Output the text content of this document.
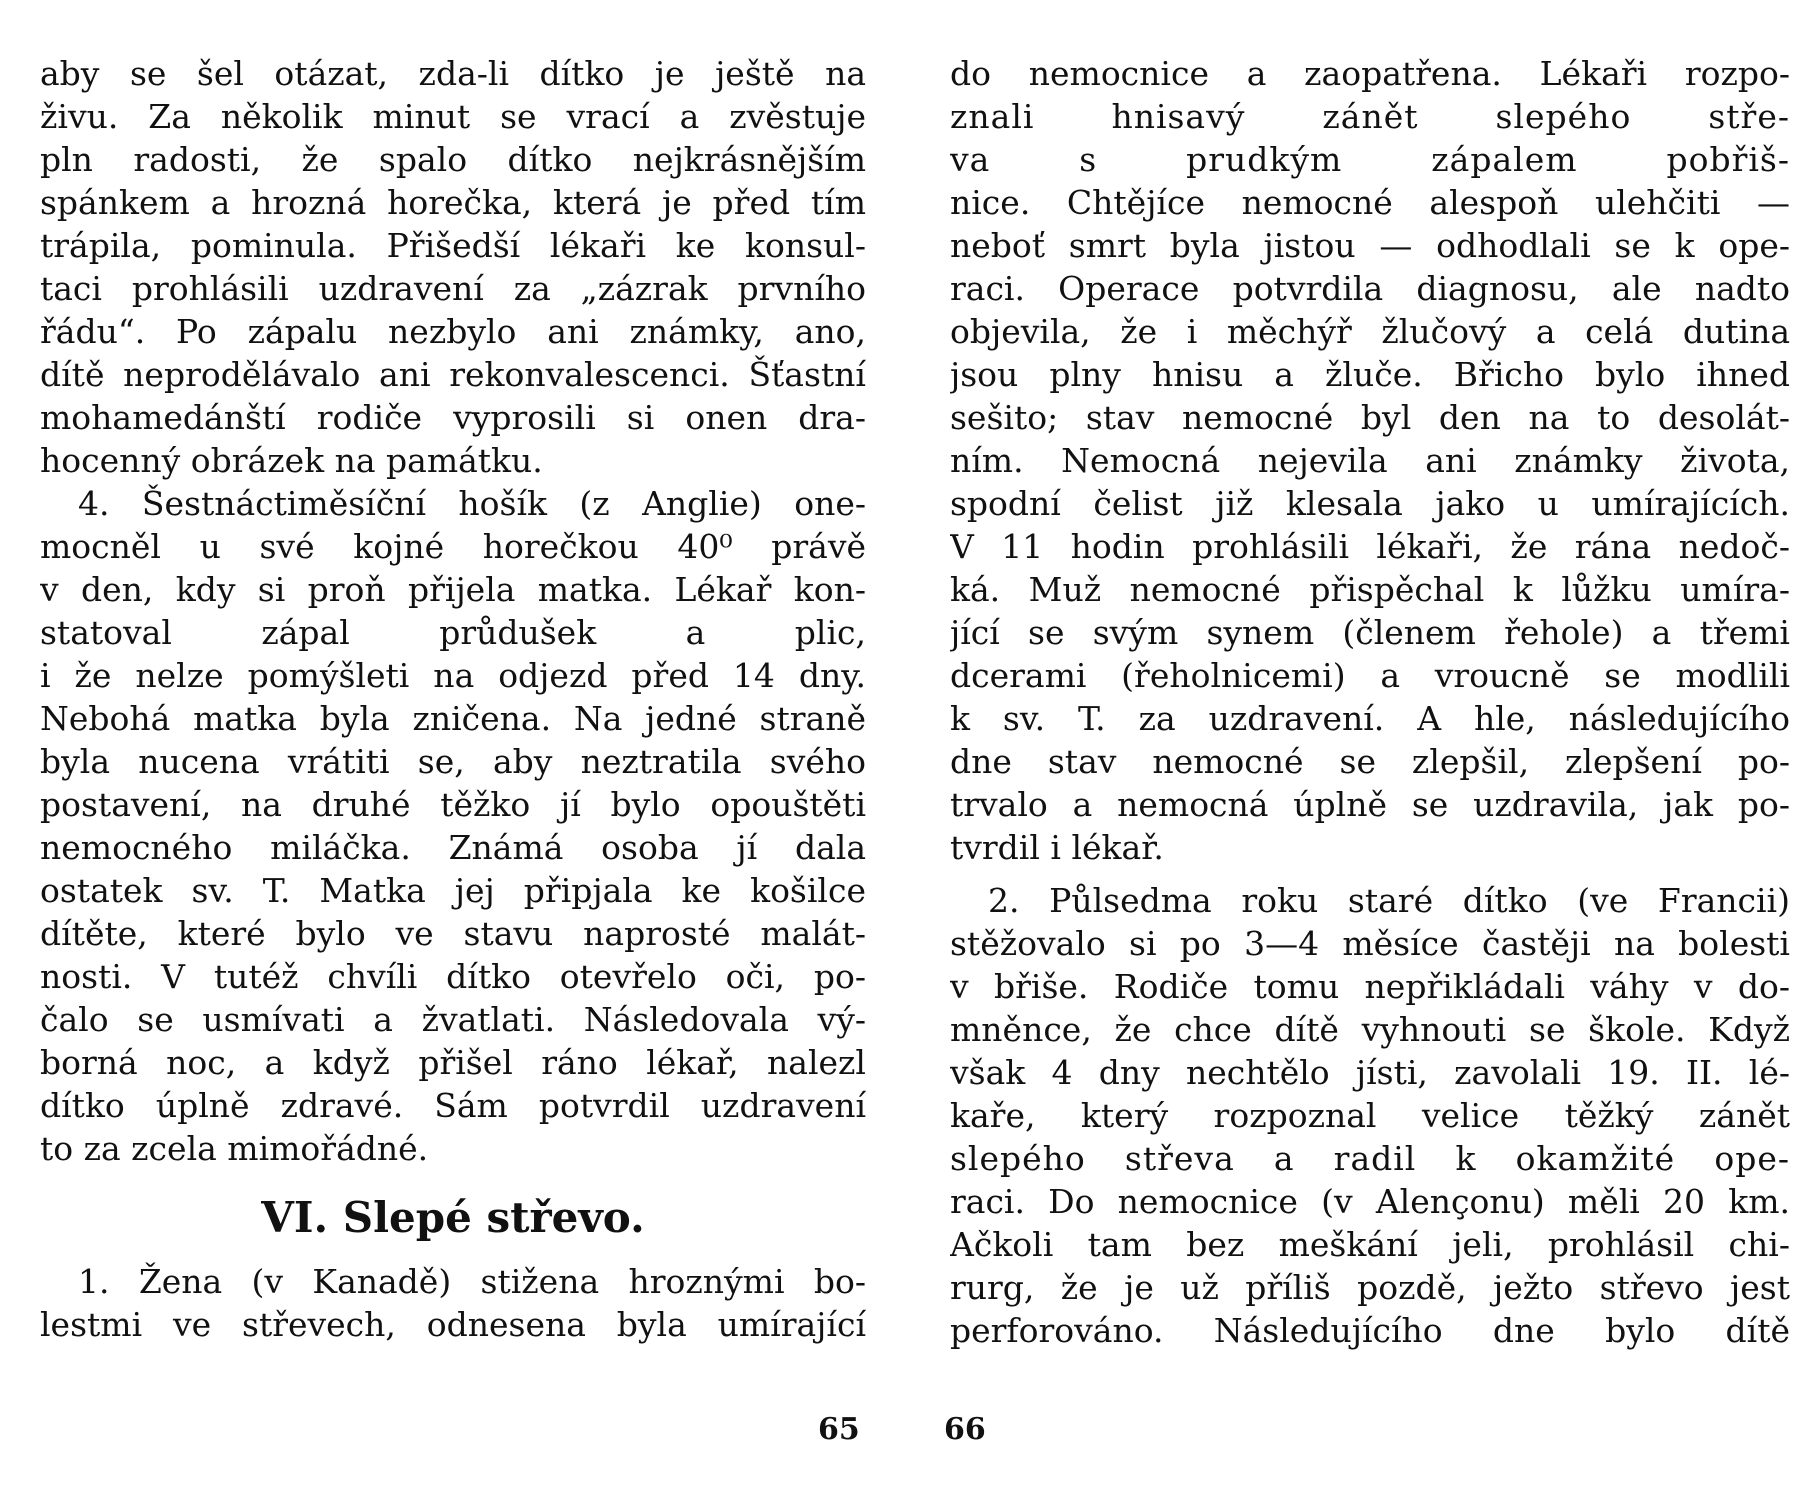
aby se šel otázat, zda-li dítko je ještě na
živu. Za několik minut se vrací a zvěstuje
pln radosti, že spalo dítko nejkrásnějším
spánkem a hrozná horečka, která je před tím
trápila, pominula. Přišedší lékaři ke konsul-
taci prohlásili uzdravení za „zázrak prvního
řádu“. Po zápalu nezbylo ani známky, ano,
dítě neprodělávalo ani rekonvalescenci. Šťastní
mohamedánští rodiče vyprosili si onen dra-
hocenný obrázek na památku.
4. Šestnáctiměsíční hošík (z Anglie) one-
mocněl u své kojné horečkou 40⁰ právě
v den, kdy si proň přijela matka. Lékař kon-
statoval zápal průdušek a plic,
i že nelze pomýšleti na odjezd před 14 dny.
Nebohá matka byla zničena. Na jedné straně
byla nucena vrátiti se, aby neztratila svého
postavení, na druhé těžko jí bylo opouštěti
nemocného miláčka. Známá osoba jí dala
ostatek sv. T. Matka jej připjala ke košilce
dítěte, které bylo ve stavu naprosté malát-
nosti. V tutéž chvíli dítko otevřelo oči, po-
čalo se usmívati a žvatlati. Následovala vý-
borná noc, a když přišel ráno lékař, nalezl
dítko úplně zdravé. Sám potvrdil uzdravení
to za zcela mimořádné.
VI. Slepé střevo.
1. Žena (v Kanadě) stižena hroznými bo-
lestmi ve střevech, odnesena byla umírající
65
do nemocnice a zaopatřena. Lékaři rozpo-
znali hnisavý zánět slepého stře-
va s prudkým zápalem pobřiš-
nice. Chtějíce nemocné alespoň ulehčiti —
neboť smrt byla jistou — odhodlali se k ope-
raci. Operace potvrdila diagnosu, ale nadto
objevila, že i měchýř žlučový a celá dutina
jsou plny hnisu a žluče. Břicho bylo ihned
sešito; stav nemocné byl den na to desolát-
ním. Nemocná nejevila ani známky života,
spodní čelist již klesala jako u umírajících.
V 11 hodin prohlásili lékaři, že rána nedoč-
ká. Muž nemocné přispěchal k lůžku umíra-
jící se svým synem (členem řehole) a třemi
dcerami (řeholnicemi) a vroucně se modlili
k sv. T. za uzdravení. A hle, následujícího
dne stav nemocné se zlepšil, zlepšení po-
trvalo a nemocná úplně se uzdravila, jak po-
tvrdil i lékař.
2. Půlsedma roku staré dítko (ve Francii)
stěžovalo si po 3—4 měsíce častěji na bolesti
v břiše. Rodiče tomu nepřikládali váhy v do-
mněnce, že chce dítě vyhnouti se škole. Když
však 4 dny nechtělo jísti, zavolali 19. II. lé-
kaře, který rozpoznal velice těžký zánět
slepého střeva a radil k okamžité ope-
raci. Do nemocnice (v Alençonu) měli 20 km.
Ačkoli tam bez meškání jeli, prohlásil chi-
rurg, že je už příliš pozdě, ježto střevo jest
perforováno. Následujícího dne bylo dítě
66
